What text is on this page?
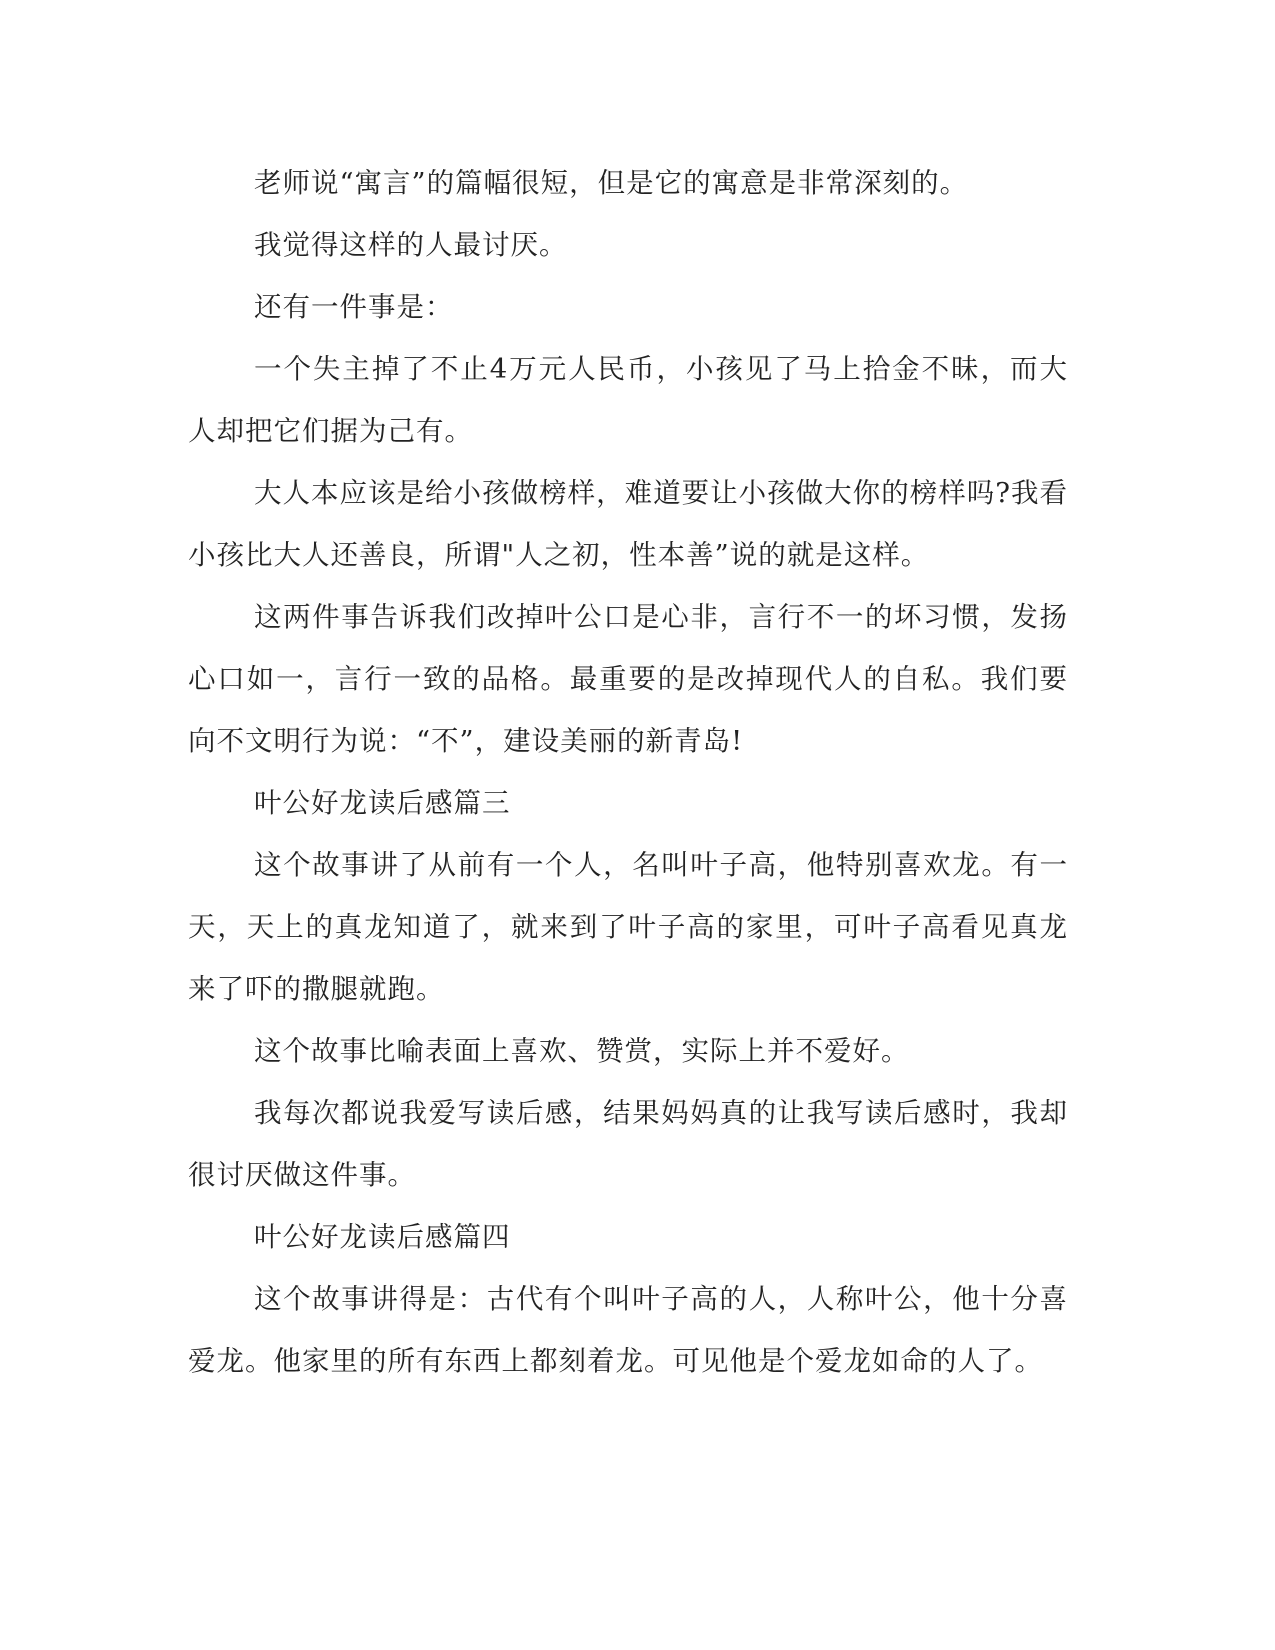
老师说“寓言”的篇幅很短，但是它的寓意是非常深刻的。

我觉得这样的人最讨厌。

还有一件事是：

一个失主掉了不止4万元人民币，小孩见了马上拾金不昧，而大人却把它们据为己有。

大人本应该是给小孩做榜样，难道要让小孩做大你的榜样吗?我看小孩比大人还善良，所谓"人之初，性本善”说的就是这样。

这两件事告诉我们改掉叶公口是心非，言行不一的坏习惯，发扬心口如一，言行一致的品格。最重要的是改掉现代人的自私。我们要向不文明行为说：“不”，建设美丽的新青岛!

叶公好龙读后感篇三

这个故事讲了从前有一个人，名叫叶子高，他特别喜欢龙。有一天，天上的真龙知道了，就来到了叶子高的家里，可叶子高看见真龙来了吓的撒腿就跑。

这个故事比喻表面上喜欢、赞赏，实际上并不爱好。

我每次都说我爱写读后感，结果妈妈真的让我写读后感时，我却很讨厌做这件事。

叶公好龙读后感篇四

这个故事讲得是：古代有个叫叶子高的人，人称叶公，他十分喜爱龙。他家里的所有东西上都刻着龙。可见他是个爱龙如命的人了。
